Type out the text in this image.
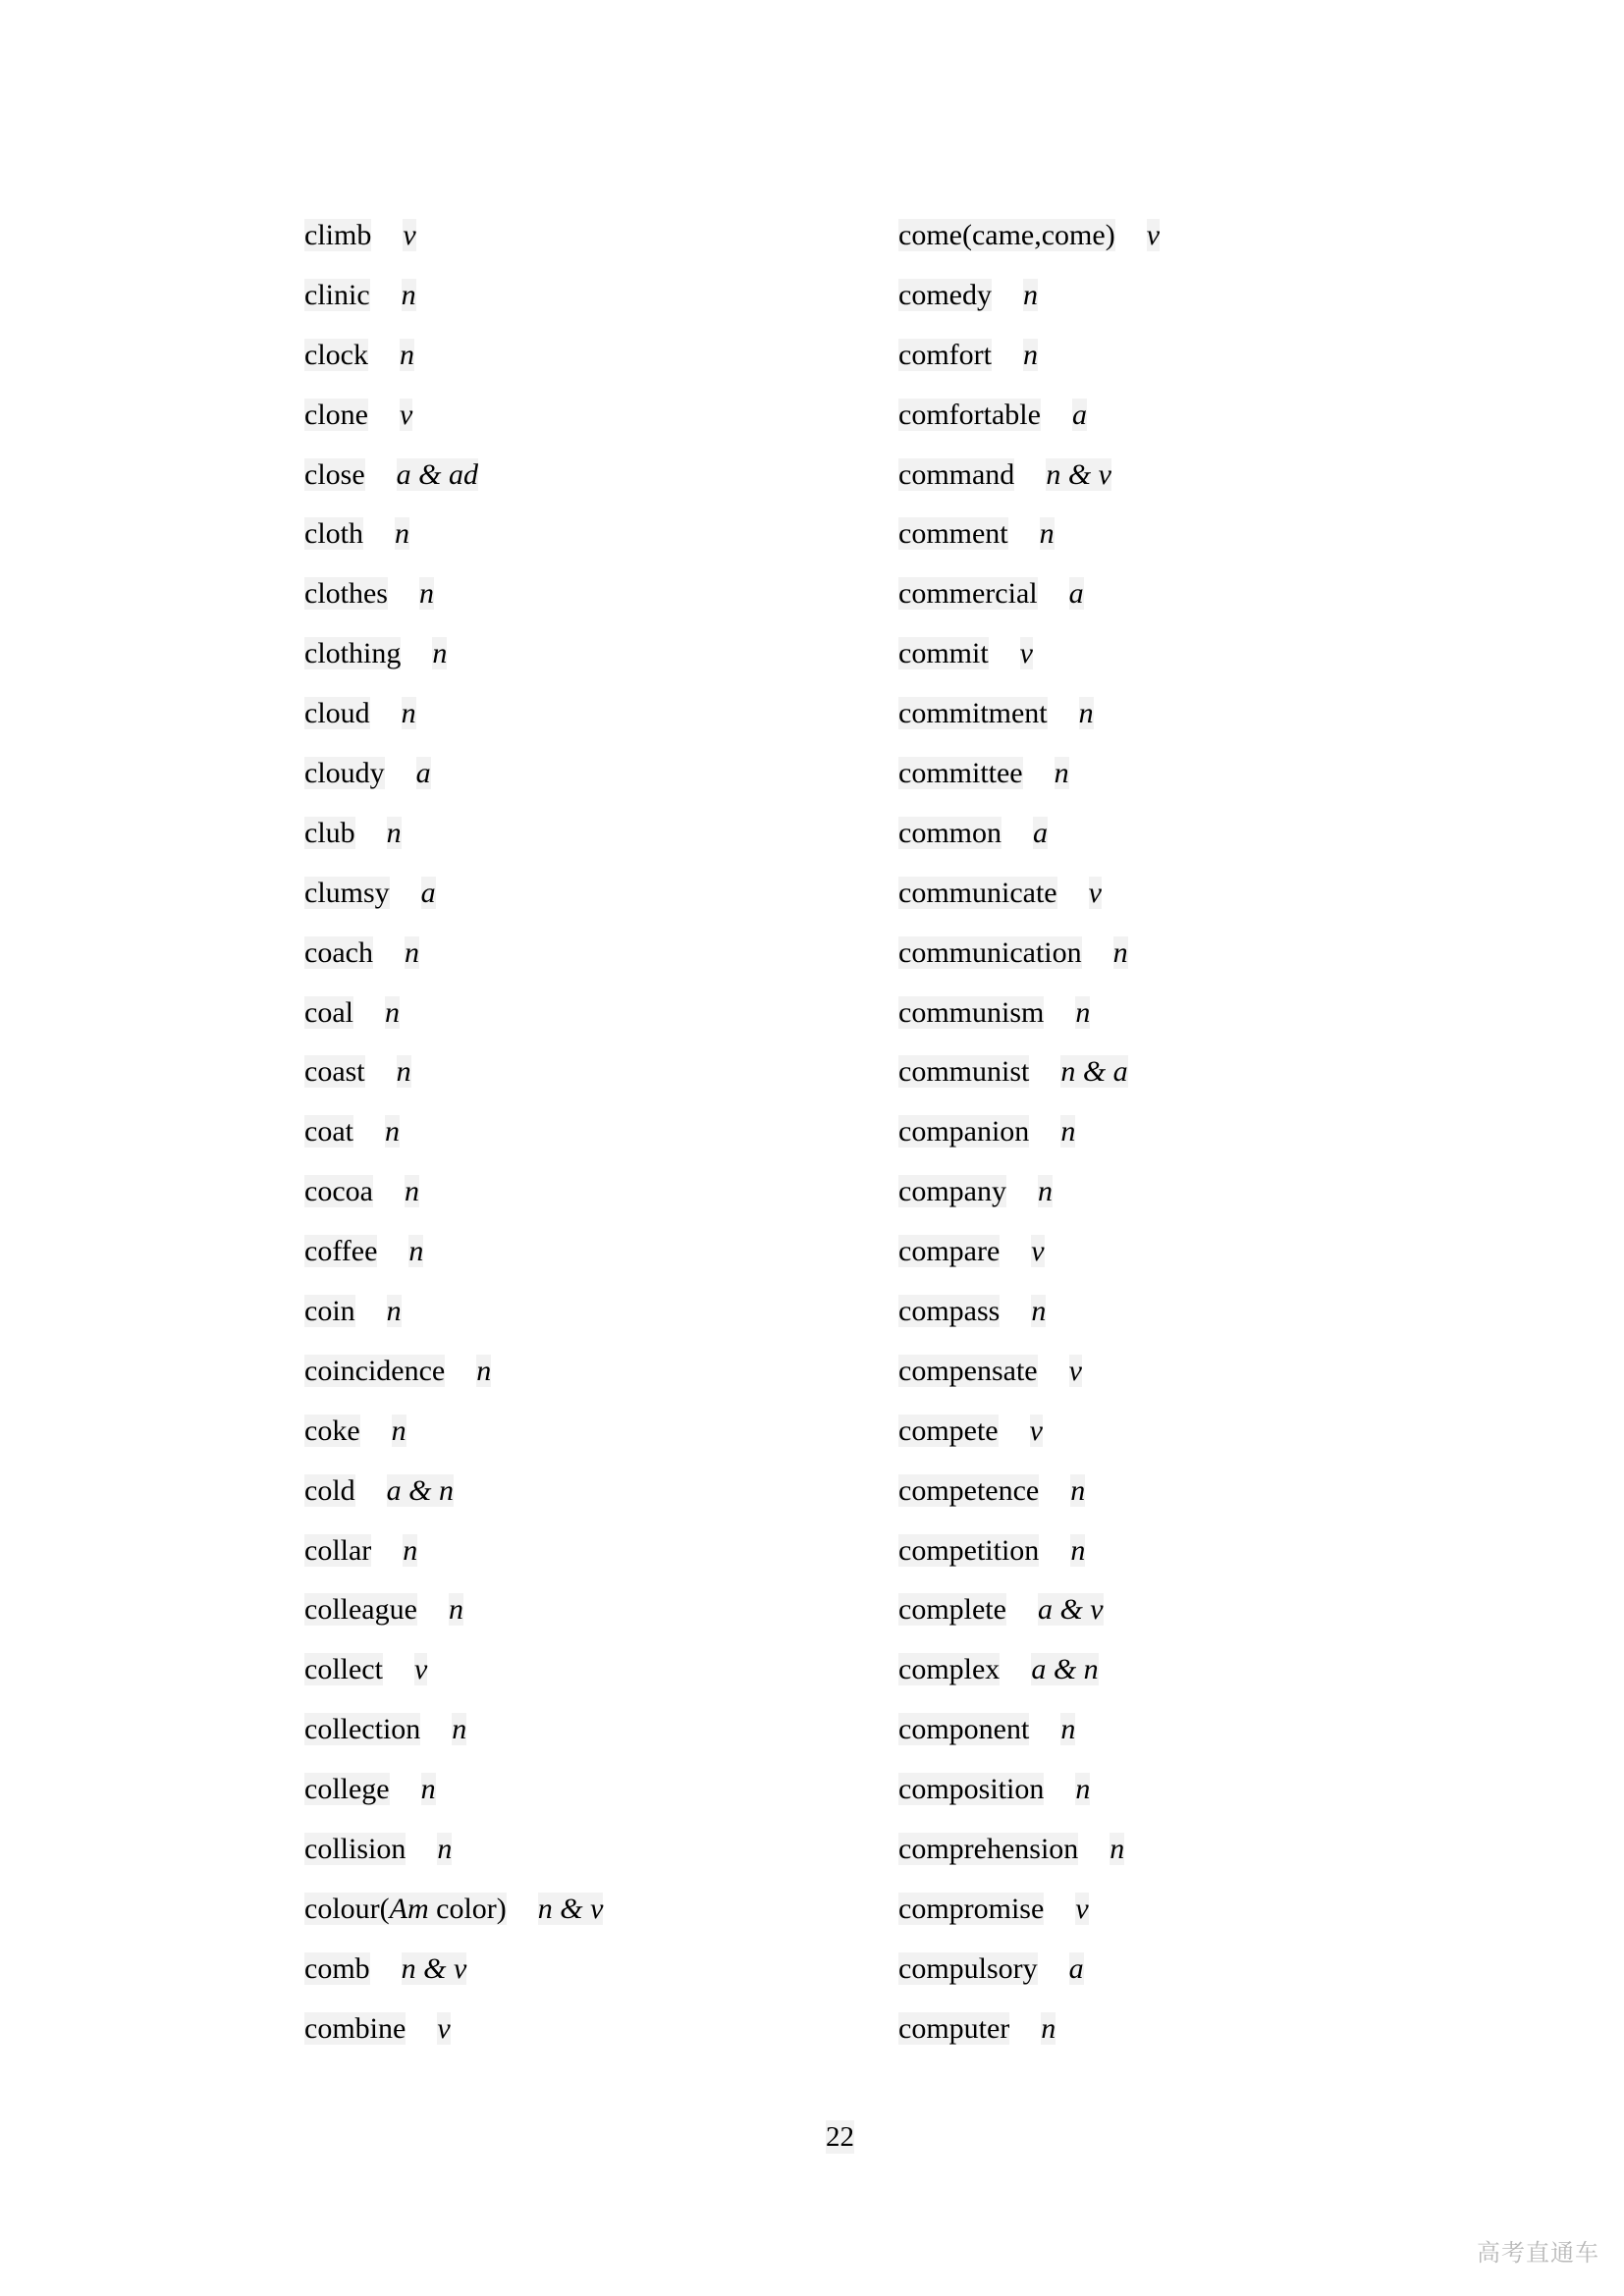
climb v
clinic n
clock n
clone v
close a & ad
cloth n
clothes n
clothing n
cloud n
cloudy a
club n
clumsy a
coach n
coal n
coast n
coat n
cocoa n
coffee n
coin n
coincidence n
coke n
cold a & n
collar n
colleague n
collect v
collection n
college n
collision n
colour(Am color) n & v
comb n & v
combine v
come(came,come) v
comedy n
comfort n
comfortable a
command n & v
comment n
commercial a
commit v
commitment n
committee n
common a
communicate v
communication n
communism n
communist n & a
companion n
company n
compare v
compass n
compensate v
compete v
competence n
competition n
complete a & v
complex a & n
component n
composition n
comprehension n
compromise v
compulsory a
computer n
22
高考直通车
